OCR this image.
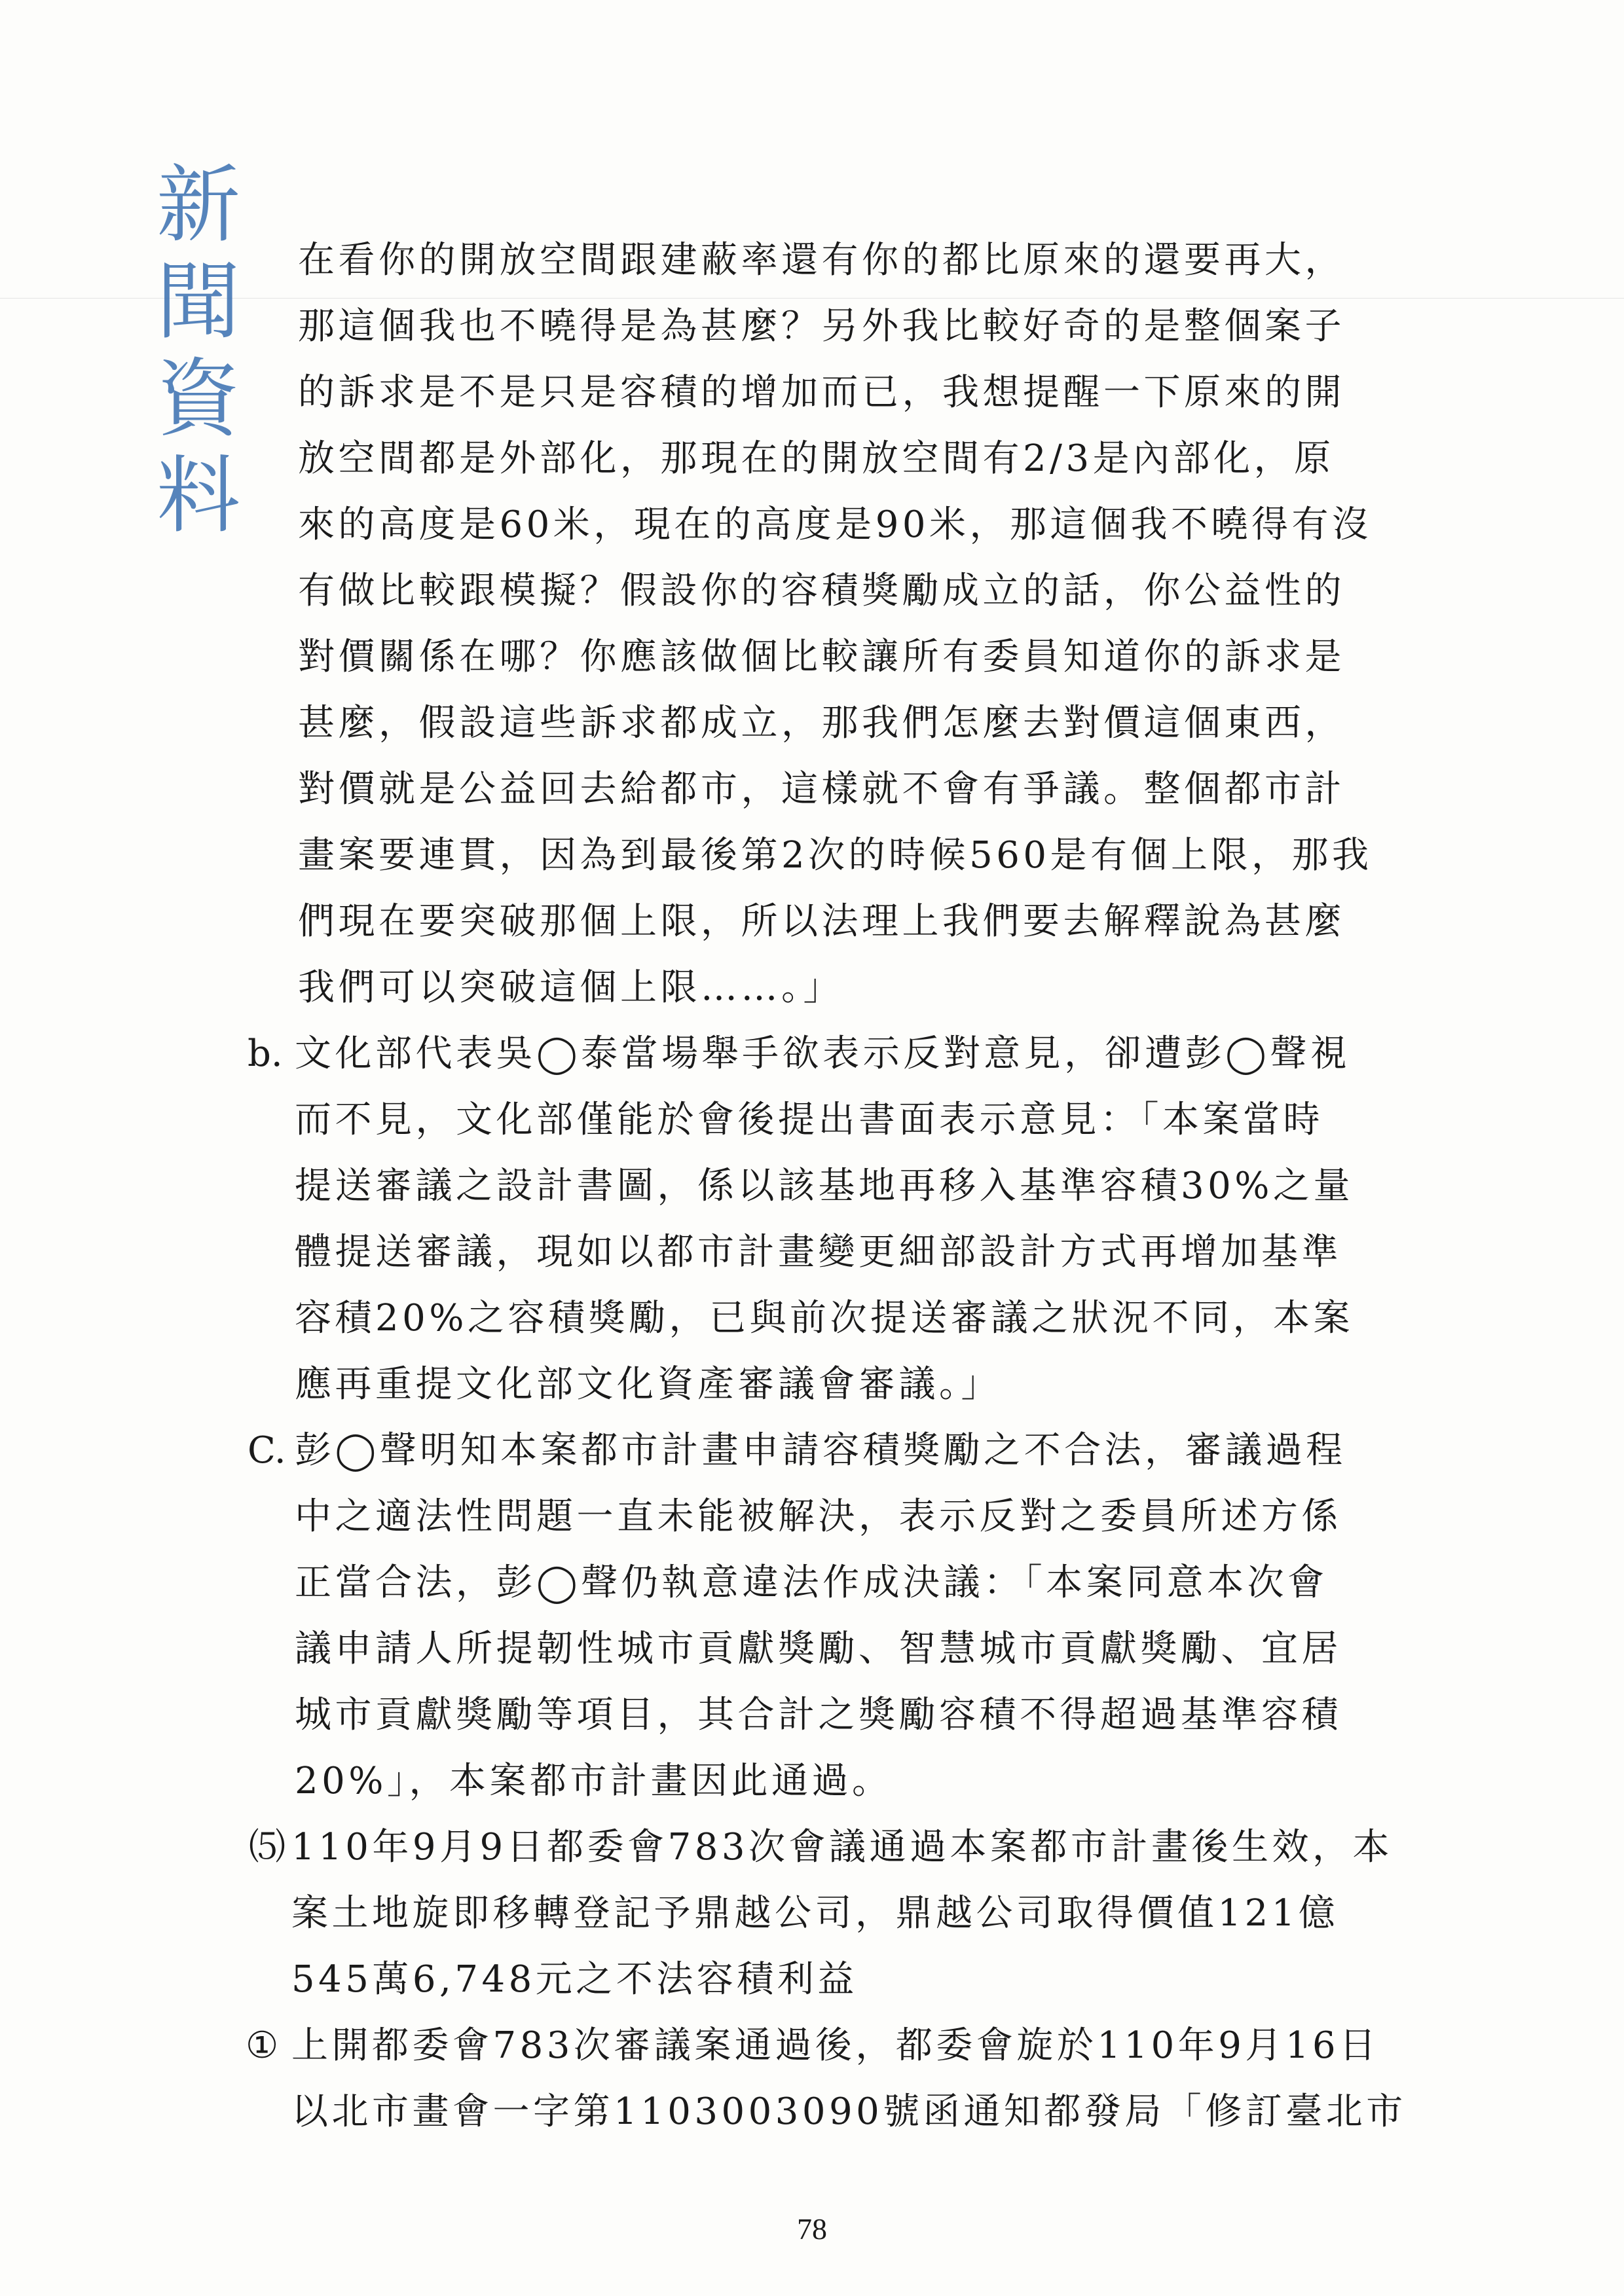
新
聞
資
料
在看你的開放空間跟建蔽率還有你的都比原來的還要再大，
那這個我也不曉得是為甚麼？另外我比較好奇的是整個案子
的訴求是不是只是容積的增加而已，我想提醒一下原來的開
放空間都是外部化，那現在的開放空間有2/3是內部化，原
來的高度是60米，現在的高度是90米，那這個我不曉得有沒
有做比較跟模擬？假設你的容積獎勵成立的話，你公益性的
對價關係在哪？你應該做個比較讓所有委員知道你的訴求是
甚麼，假設這些訴求都成立，那我們怎麼去對價這個東西，
對價就是公益回去給都市，這樣就不會有爭議。整個都市計
畫案要連貫，因為到最後第2次的時候560是有個上限，那我
們現在要突破那個上限，所以法理上我們要去解釋說為甚麼
我們可以突破這個上限……。」
b. 文化部代表吳◯泰當場舉手欲表示反對意見，卻遭彭◯聲視
而不見，文化部僅能於會後提出書面表示意見：「本案當時
提送審議之設計書圖，係以該基地再移入基準容積30%之量
體提送審議，現如以都市計畫變更細部設計方式再增加基準
容積20%之容積獎勵，已與前次提送審議之狀況不同，本案
應再重提文化部文化資產審議會審議。」
C. 彭◯聲明知本案都市計畫申請容積獎勵之不合法，審議過程
中之適法性問題一直未能被解決，表示反對之委員所述方係
正當合法，彭◯聲仍執意違法作成決議：「本案同意本次會
議申請人所提韌性城市貢獻獎勵、智慧城市貢獻獎勵、宜居
城市貢獻獎勵等項目，其合計之獎勵容積不得超過基準容積
20%」，本案都市計畫因此通過。
⑸ 110年9月9日都委會783次會議通過本案都市計畫後生效，本
案土地旋即移轉登記予鼎越公司，鼎越公司取得價值121億
545萬6,748元之不法容積利益
① 上開都委會783次審議案通過後，都委會旋於110年9月16日
以北市畫會一字第1103003090號函通知都發局「修訂臺北市
78
